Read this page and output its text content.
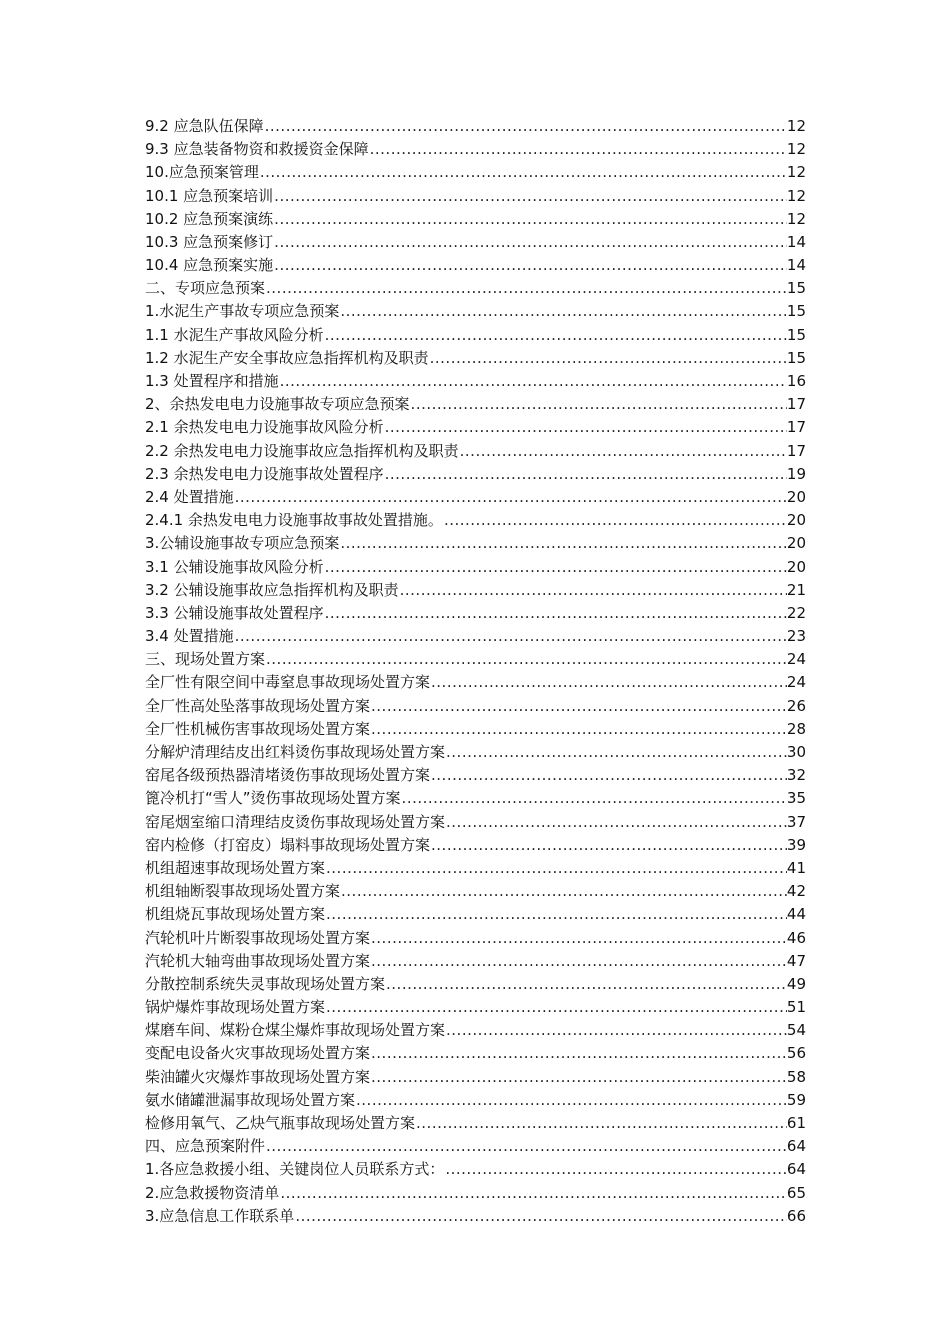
9.2 应急队伍保障 .....	12
9.3 应急装备物资和救援资金保障 .....	12
10.应急预案管理 .....	12
10.1 应急预案培训 .....	12
10.2 应急预案演练 .....	12
10.3 应急预案修订 .....	14
10.4 应急预案实施 .....	14
二、专项应急预案 .....	15
1.水泥生产事故专项应急预案 .....	15
1.1 水泥生产事故风险分析 .....	15
1.2 水泥生产安全事故应急指挥机构及职责 .....	15
1.3 处置程序和措施 .....	16
2、余热发电电力设施事故专项应急预案 .....	17
2.1 余热发电电力设施事故风险分析 .....	17
2.2 余热发电电力设施事故应急指挥机构及职责 .....	17
2.3 余热发电电力设施事故处置程序 .....	19
2.4 处置措施 .....	20
2.4.1 余热发电电力设施事故事故处置措施。 .....	20
3.公辅设施事故专项应急预案 .....	20
3.1 公辅设施事故风险分析 .....	20
3.2 公辅设施事故应急指挥机构及职责 .....	21
3.3 公辅设施事故处置程序 .....	22
3.4 处置措施 .....	23
三、现场处置方案 .....	24
全厂性有限空间中毒窒息事故现场处置方案 .....	24
全厂性高处坠落事故现场处置方案 .....	26
全厂性机械伤害事故现场处置方案 .....	28
分解炉清理结皮出红料烫伤事故现场处置方案 .....	30
窑尾各级预热器清堵烫伤事故现场处置方案 .....	32
篦冷机打“雪人”烫伤事故现场处置方案 .....	35
窑尾烟室缩口清理结皮烫伤事故现场处置方案 .....	37
窑内检修（打窑皮）塌料事故现场处置方案 .....	39
机组超速事故现场处置方案 .....	41
机组轴断裂事故现场处置方案 .....	42
机组烧瓦事故现场处置方案 .....	44
汽轮机叶片断裂事故现场处置方案 .....	46
汽轮机大轴弯曲事故现场处置方案 .....	47
分散控制系统失灵事故现场处置方案 .....	49
锅炉爆炸事故现场处置方案 .....	51
煤磨车间、煤粉仓煤尘爆炸事故现场处置方案 .....	54
变配电设备火灾事故现场处置方案 .....	56
柴油罐火灾爆炸事故现场处置方案 .....	58
氨水储罐泄漏事故现场处置方案 .....	59
检修用氧气、乙炔气瓶事故现场处置方案 .....	61
四、应急预案附件 .....	64
1.各应急救援小组、关键岗位人员联系方式： .....	64
2.应急救援物资清单 .....	65
3.应急信息工作联系单 .....	66
